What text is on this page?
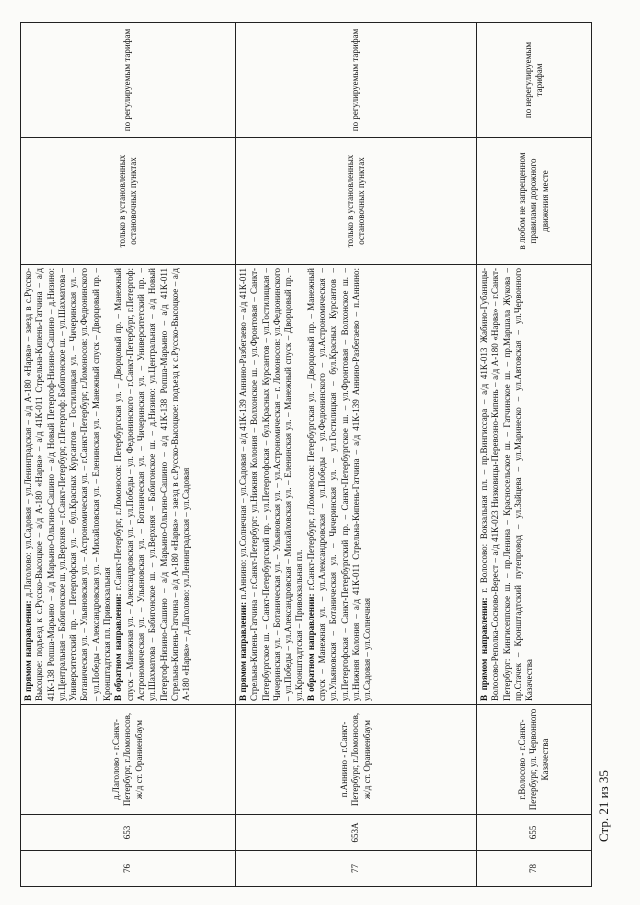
76	653	д.Лаголово - г.Санкт-Петербург, г.Ломоносов, ж/д ст. Ораниенбаум	В прямом направлении: д.Лаголово: ул.Садовая – ул.Ленинградская – а/д А-180 «Нарва» – заезд в с.Русско-Высоцкое: подъезд к с.Русско-Высоцкое – а/д А-180 «Нарва» – а/д 41К-011 Стрельна-Кипень-Гатчина – а/д 41К-138 Ропша-Марьино – а/д Марьино-Ольгино-Сашино – а/д Новый Петергоф-Низино-Сашино – д.Низино: ул.Центральная – Бабигонское ш. ул.Верхняя – г.Санкт-Петербург, г.Петергоф: Бабигонское ш. – ул.Шахматова – Университетский пр. – Петергофская ул. – бул.Красных Курсантов – Гостилицкая ул. – Чичеринская ул. – Ботаническая ул. – Ульяновская ул. – Астрономическая ул. – г.Санкт-Петербург, г.Ломоносов: ул.Федюнинского – ул.Победы – Александровская ул. – Михайловская ул. – Еленинская ул. – Манежный спуск – Дворцовый пр. – Кронштадтская пл. Привокзальная
В обратном направлении: г.Санкт-Петербург, г.Ломоносов: Петербургская ул. – Дворцовый пр. – Манежный спуск – Манежная ул. – Александровская ул. – ул.Победы – ул. Федюнинского – г.Санкт-Петербург, г.Петергоф: Астрономическая ул. – Ульяновская ул. – Ботаническая ул. – Чичеринская ул. – Университетский пр. – ул.Шахматова – Бабигонское ш. – ул.Верхняя – Бабигонское ш. – д.Низино: ул.Центральная – а/д Новый Петергоф-Низино-Сашино – а/д Марьино-Ольгино-Сашино – а/д 41К-138 Ропша-Марьино – а/д 41К-011 Стрельна-Кипень-Гатчина – а/д А-180 «Нарва» – заезд в с.Русско-Высоцкое: подъезд к с.Русско-Высоцкое – а/д А-180 «Нарва» – д.Лаголово: ул.Ленинградская – ул.Садовая	только в установленных остановочных пунктах	по регулируемым тарифам
77	653А	п.Аннино - г.Санкт-Петербург, г.Ломоносов, ж/д ст. Ораниенбаум	В прямом направлении: п.Аннино: ул.Солнечная – ул.Садовая – а/д 41К-139 Аннино-Разбегаево – а/д 41К-011 Стрельна-Кипень-Гатчина – г.Санкт-Петербург: ул.Нижняя Колония – Волхонское ш. – ул.Фронтовая – Санкт-Петербургское ш. – Санкт-Петербургский пр. – ул.Петергофская – бул.Красных Курсантов – ул.Гостилицкая – Чичеринская ул. – Ботаническая ул. – Ульяновская ул. – ул.Астрономическая – г. Ломоносов: ул.Федюнинского – ул.Победы – ул.Александровская – Михайловская ул. – Еленинская ул. – Манежный спуск – Дворцовый пр. – ул.Кронштадтская – Привокзальная пл.
В обратном направлении: г.Санкт-Петербург, г.Ломоносов: Петербургская ул. – Дворцовый пр. – Манежный спуск – Манежная ул. – ул.Александровская – ул.Победы – ул.Федюнинского – ул.Астрономическая – ул.Ульяновская – Ботаническая ул. – Чичеринская ул. – ул.Гостилицкая – бул.Красных Курсантов – ул.Петергофская – Санкт-Петербургский пр. – Санкт-Петербургское ш. – ул.Фронтовая – Волхонское ш. – ул.Нижняя Колония – а/д 41К-011 Стрельна-Кипень-Гатчина – а/д 41К-139 Аннино-Разбегаево – п.Аннино: ул.Садовая – ул.Солнечная	только в установленных остановочных пунктах	по регулируемым тарифам
78	655	г.Волосово - г.Санкт-Петербург, ул. Червонного Казачества	В прямом направлении: г. Волосово: Вокзальная пл. – пр.Вингиссара – а/д 41К-013 Жабино-Губаницы-Волосово-Реполка-Сосново-Верест – а/д 41К-023 Низковицы-Перевозно-Кипень – а/д А-180 «Нарва» – г.Санкт-Петербург: Кингисеппское ш. – пр.Ленина – Красносельское ш. – Гатчинское ш. – пр.Маршала Жукова – пр.Стачек – Кронштадтский путепровод – ул.Зайцева – ул.Маринеско – ул.Автовская – ул.Червонного Казачества	в любом не запрещенном правилами дорожного движения месте	по нерегулируемым тарифам
Стр. 21 из 35
